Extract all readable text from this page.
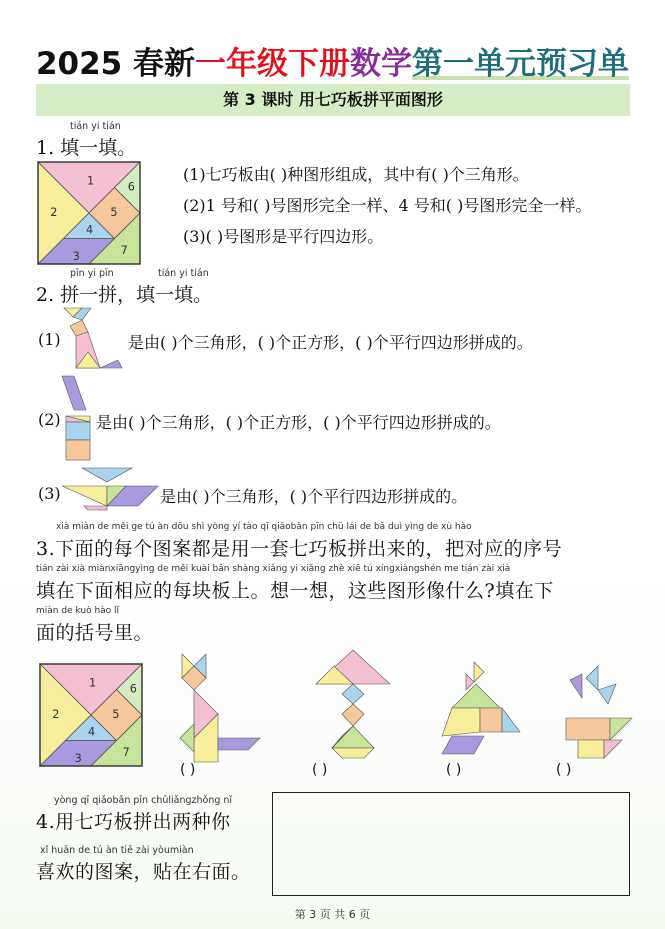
2025 春新一年级下册数学第一单元预习单
第 3 课时 用七巧板拼平面图形
tián yi tián
1. 填一填。
1
2
3
4
5
6
7
(1)七巧板由( )种图形组成，其中有( )个三角形。
(2)1 号和( )号图形完全一样、4 号和( )号图形完全一样。
(3)( )号图形是平行四边形。
pīn yi pīn	tián yi tián
2. 拼一拼，填一填。
(1)	是由( )个三角形，( )个正方形，( )个平行四边形拼成的。
(2) 是由( )个三角形，( )个正方形，( )个平行四边形拼成的。
(3)	是由( )个三角形，( )个平行四边形拼成的。
xià miàn de měi ge tú àn dōu shì yòng yí tào qī qiǎobǎn pīn chū lái de bǎ duì yìng de xù hào
3.下面的每个图案都是用一套七巧板拼出来的，把对应的序号
tián zài xià miànxiāngyìng de měi kuài bǎn shàng xiǎng yi xiǎng zhè xiē tú xíngxiàngshén me tián zài xià
填在下面相应的每块板上。想一想，这些图形像什么?填在下
miàn de kuò hào lǐ
面的括号里。
1
2
3
4
5
6
7
( )	( )	( )	( )
yòng qī qiǎobǎn pīn chūliǎngzhǒng nǐ
4.用七巧板拼出两种你
xǐ huān de tú àn tiē zài yòumiàn
喜欢的图案，贴在右面。
第 3 页 共 6 页
